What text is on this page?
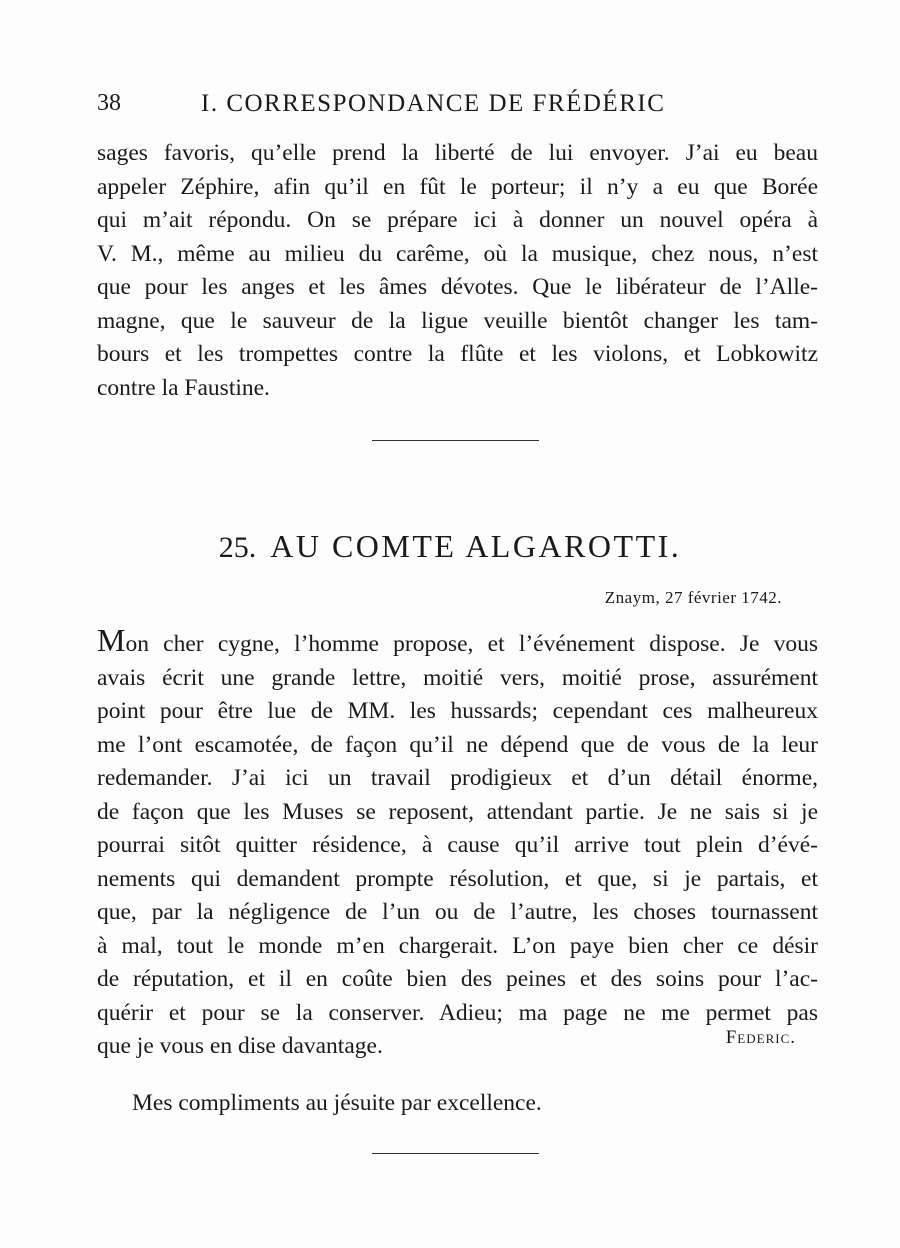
38	I. CORRESPONDANCE DE FRÉDÉRIC
sages favoris, qu’elle prend la liberté de lui envoyer. J’ai eu beau
appeler Zéphire, afin qu’il en fût le porteur; il n’y a eu que Borée
qui m’ait répondu. On se prépare ici à donner un nouvel opéra à
V. M., même au milieu du carême, où la musique, chez nous, n’est
que pour les anges et les âmes dévotes. Que le libérateur de l’Alle-
magne, que le sauveur de la ligue veuille bientôt changer les tam-
bours et les trompettes contre la flûte et les violons, et Lobkowitz
contre la Faustine.
25. AU COMTE ALGAROTTI.
Znaym, 27 février 1742.
Mon cher cygne, l’homme propose, et l’événement dispose. Je vous
avais écrit une grande lettre, moitié vers, moitié prose, assurément
point pour être lue de MM. les hussards; cependant ces malheureux
me l’ont escamotée, de façon qu’il ne dépend que de vous de la leur
redemander. J’ai ici un travail prodigieux et d’un détail énorme,
de façon que les Muses se reposent, attendant partie. Je ne sais si je
pourrai sitôt quitter résidence, à cause qu’il arrive tout plein d’évé-
nements qui demandent prompte résolution, et que, si je partais, et
que, par la négligence de l’un ou de l’autre, les choses tournassent
à mal, tout le monde m’en chargerait. L’on paye bien cher ce désir
de réputation, et il en coûte bien des peines et des soins pour l’ac-
quérir et pour se la conserver. Adieu; ma page ne me permet pas
que je vous en dise davantage.	Federic.
Mes compliments au jésuite par excellence.
